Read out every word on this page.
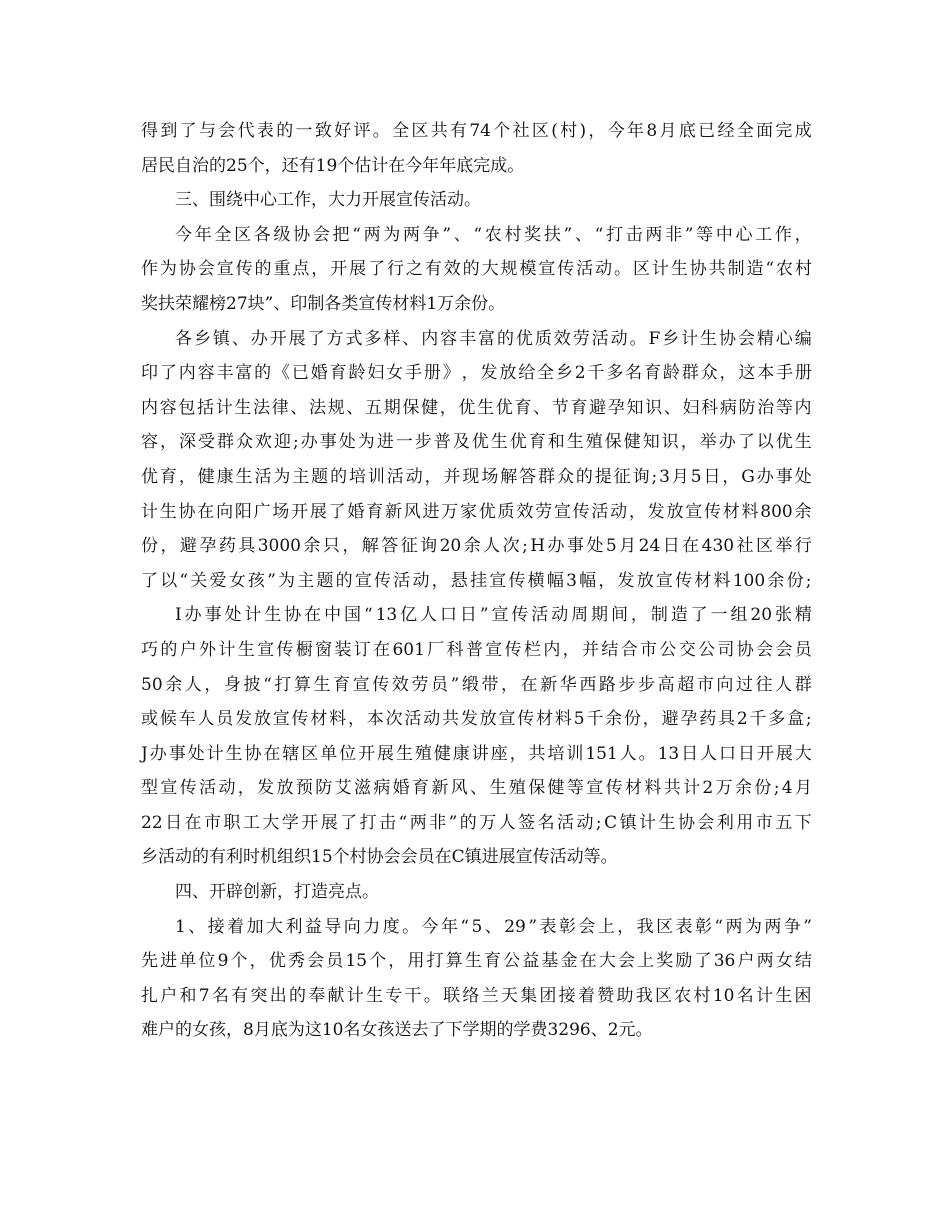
得 到 了 与 会 代 表 的 一 致 好 评 。 全 区 共 有 74 个 社 区 ( 村 ) ， 今 年 8 月 底 已 经 全 面 完 成
居民自治的25个，还有19个估计在今年年底完成。
三、围绕中心工作，大力开展宣传活动。
今 年 全 区 各 级 协 会 把 “ 两 为 两 争 ” 、 “ 农 村 奖 扶 ” 、 “ 打 击 两 非 ” 等 中 心 工 作 ，
作 为 协 会 宣 传 的 重 点 ， 开 展 了 行 之 有 效 的 大 规 模 宣 传 活 动 。 区 计 生 协 共 制 造 “ 农 村
奖扶荣耀榜27块”、印制各类宣传材料1万余份。
各 乡 镇 、 办 开 展 了 方 式 多 样 、 内 容 丰 富 的 优 质 效 劳 活 动 。 F 乡 计 生 协 会 精 心 编
印 了 内 容 丰 富 的 《 已 婚 育 龄 妇 女 手 册 》 ， 发 放 给 全 乡 2 千 多 名 育 龄 群 众 ， 这 本 手 册
内 容 包 括 计 生 法 律 、 法 规 、 五 期 保 健 ， 优 生 优 育 、 节 育 避 孕 知 识 、 妇 科 病 防 治 等 内
容 ， 深 受 群 众 欢 迎 ; 办 事 处 为 进 一 步 普 及 优 生 优 育 和 生 殖 保 健 知 识 ， 举 办 了 以 优 生
优 育 ， 健 康 生 活 为 主 题 的 培 训 活 动 ， 并 现 场 解 答 群 众 的 提 征 询 ; 3 月 5 日 ， G 办 事 处
计 生 协 在 向 阳 广 场 开 展 了 婚 育 新 风 进 万 家 优 质 效 劳 宣 传 活 动 ， 发 放 宣 传 材 料 800 余
份 ， 避 孕 药 具 3000 余 只 ， 解 答 征 询 20 余 人 次 ; H 办 事 处 5 月 24 日 在 430 社 区 举 行
了 以 “ 关 爱 女 孩 ” 为 主 题 的 宣 传 活 动 ， 悬 挂 宣 传 横 幅 3 幅 ， 发 放 宣 传 材 料 100 余 份 ;
I 办 事 处 计 生 协 在 中 国 “ 13 亿 人 口 日 ” 宣 传 活 动 周 期 间 ， 制 造 了 一 组 20 张 精
巧 的 户 外 计 生 宣 传 橱 窗 装 订 在 601 厂 科 普 宣 传 栏 内 ， 并 结 合 市 公 交 公 司 协 会 会 员
50 余 人 ， 身 披 “ 打 算 生 育 宣 传 效 劳 员 ” 缎 带 ， 在 新 华 西 路 步 步 高 超 市 向 过 往 人 群
或 候 车 人 员 发 放 宣 传 材 料 ， 本 次 活 动 共 发 放 宣 传 材 料 5 千 余 份 ， 避 孕 药 具 2 千 多 盒 ;
J 办 事 处 计 生 协 在 辖 区 单 位 开 展 生 殖 健 康 讲 座 ， 共 培 训 151 人 。 13 日 人 口 日 开 展 大
型 宣 传 活 动 ， 发 放 预 防 艾 滋 病 婚 育 新 风 、 生 殖 保 健 等 宣 传 材 料 共 计 2 万 余 份 ; 4 月
22 日 在 市 职 工 大 学 开 展 了 打 击 “ 两 非 ” 的 万 人 签 名 活 动 ; C 镇 计 生 协 会 利 用 市 五 下
乡活动的有利时机组织15个村协会会员在C镇进展宣传活动等。
四、开辟创新，打造亮点。
1 、 接 着 加 大 利 益 导 向 力 度 。 今 年 “ 5 、 29 ” 表 彰 会 上 ， 我 区 表 彰 “ 两 为 两 争 ”
先 进 单 位 9 个 ， 优 秀 会 员 15 个 ， 用 打 算 生 育 公 益 基 金 在 大 会 上 奖 励 了 36 户 两 女 结
扎 户 和 7 名 有 突 出 的 奉 献 计 生 专 干 。 联 络 兰 天 集 团 接 着 赞 助 我 区 农 村 10 名 计 生 困
难户的女孩，8月底为这10名女孩送去了下学期的学费3296、2元。
